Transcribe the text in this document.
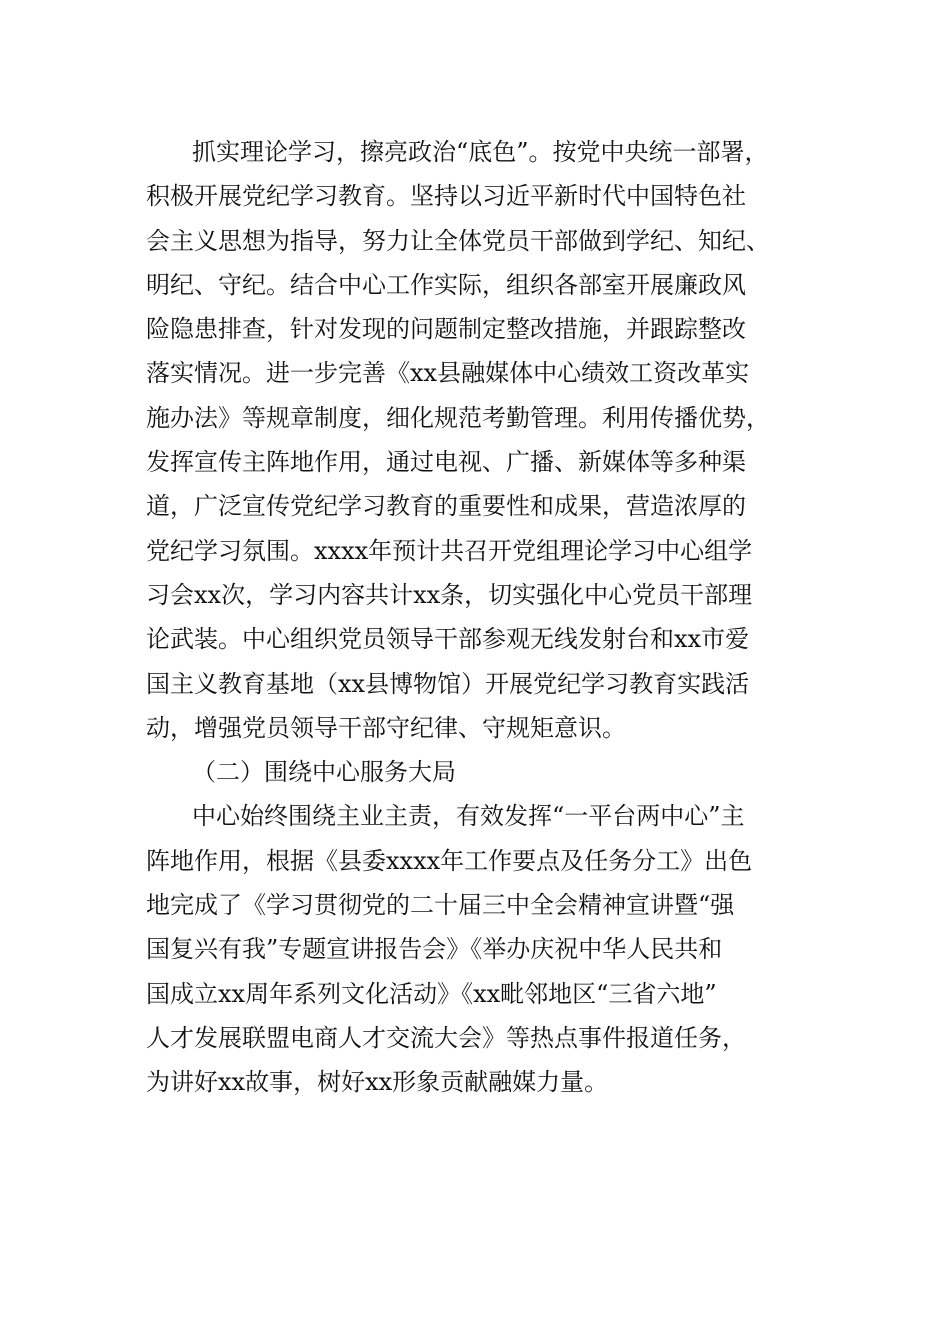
抓实理论学习，擦亮政治“底色”。按党中央统一部署，
积极开展党纪学习教育。坚持以习近平新时代中国特色社
会主义思想为指导，努力让全体党员干部做到学纪、知纪、
明纪、守纪。结合中心工作实际，组织各部室开展廉政风
险隐患排查，针对发现的问题制定整改措施，并跟踪整改
落实情况。进一步完善《xx县融媒体中心绩效工资改革实
施办法》等规章制度，细化规范考勤管理。利用传播优势，
发挥宣传主阵地作用，通过电视、广播、新媒体等多种渠
道，广泛宣传党纪学习教育的重要性和成果，营造浓厚的
党纪学习氛围。xxxx年预计共召开党组理论学习中心组学
习会xx次，学习内容共计xx条，切实强化中心党员干部理
论武装。中心组织党员领导干部参观无线发射台和xx市爱
国主义教育基地（xx县博物馆）开展党纪学习教育实践活
动，增强党员领导干部守纪律、守规矩意识。
（二）围绕中心服务大局
中心始终围绕主业主责，有效发挥“一平台两中心”主
阵地作用，根据《县委xxxx年工作要点及任务分工》出色
地完成了《学习贯彻党的二十届三中全会精神宣讲暨“强
国复兴有我”专题宣讲报告会》《举办庆祝中华人民共和
国成立xx周年系列文化活动》《xx毗邻地区“三省六地”
人才发展联盟电商人才交流大会》等热点事件报道任务，
为讲好xx故事，树好xx形象贡献融媒力量。
